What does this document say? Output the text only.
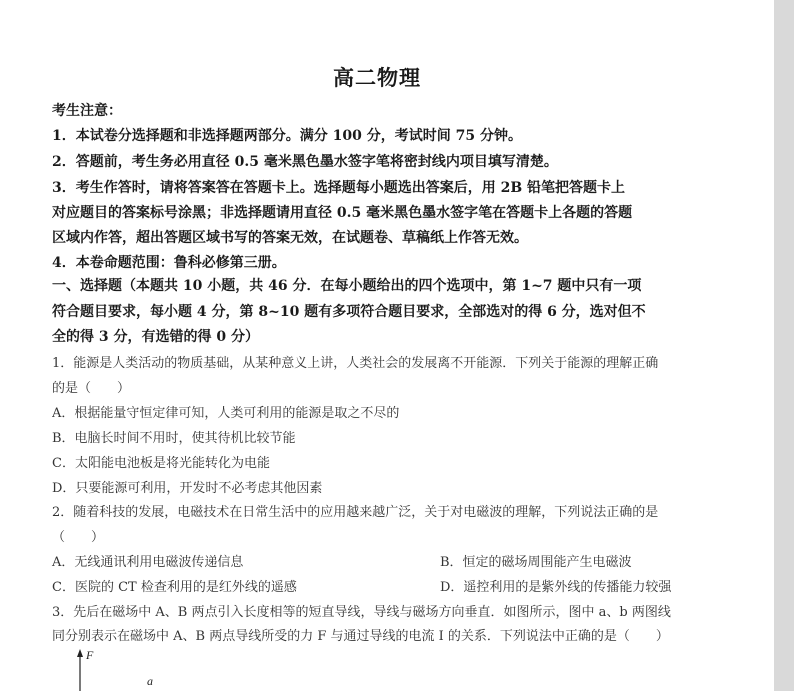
高二物理
考生注意：
1．本试卷分选择题和非选择题两部分。满分 100 分，考试时间 75 分钟。
2．答题前，考生务必用直径 0.5 毫米黑色墨水签字笔将密封线内项目填写清楚。
3．考生作答时，请将答案答在答题卡上。选择题每小题选出答案后，用 2B 铅笔把答题卡上
对应题目的答案标号涂黑；非选择题请用直径 0.5 毫米黑色墨水签字笔在答题卡上各题的答题
区域内作答，超出答题区域书写的答案无效，在试题卷、草稿纸上作答无效。
4．本卷命题范围：鲁科必修第三册。
一、选择题（本题共 10 小题，共 46 分．在每小题给出的四个选项中，第 1~7 题中只有一项
符合题目要求，每小题 4 分，第 8~10 题有多项符合题目要求，全部选对的得 6 分，选对但不
全的得 3 分，有选错的得 0 分）
1．能源是人类活动的物质基础，从某种意义上讲，人类社会的发展离不开能源．下列关于能源的理解正确
的是（　　）
A．根据能量守恒定律可知，人类可利用的能源是取之不尽的
B．电脑长时间不用时，使其待机比较节能
C．太阳能电池板是将光能转化为电能
D．只要能源可利用，开发时不必考虑其他因素
2．随着科技的发展，电磁技术在日常生活中的应用越来越广泛，关于对电磁波的理解，下列说法正确的是
（　　）
A．无线通讯利用电磁波传递信息	B．恒定的磁场周围能产生电磁波
C．医院的 CT 检查利用的是红外线的遥感	D．遥控利用的是紫外线的传播能力较强
3．先后在磁场中 A、B 两点引入长度相等的短直导线，导线与磁场方向垂直．如图所示，图中 a、b 两图线
同分别表示在磁场中 A、B 两点导线所受的力 F 与通过导线的电流 I 的关系．下列说法中正确的是（　　）
F
a
